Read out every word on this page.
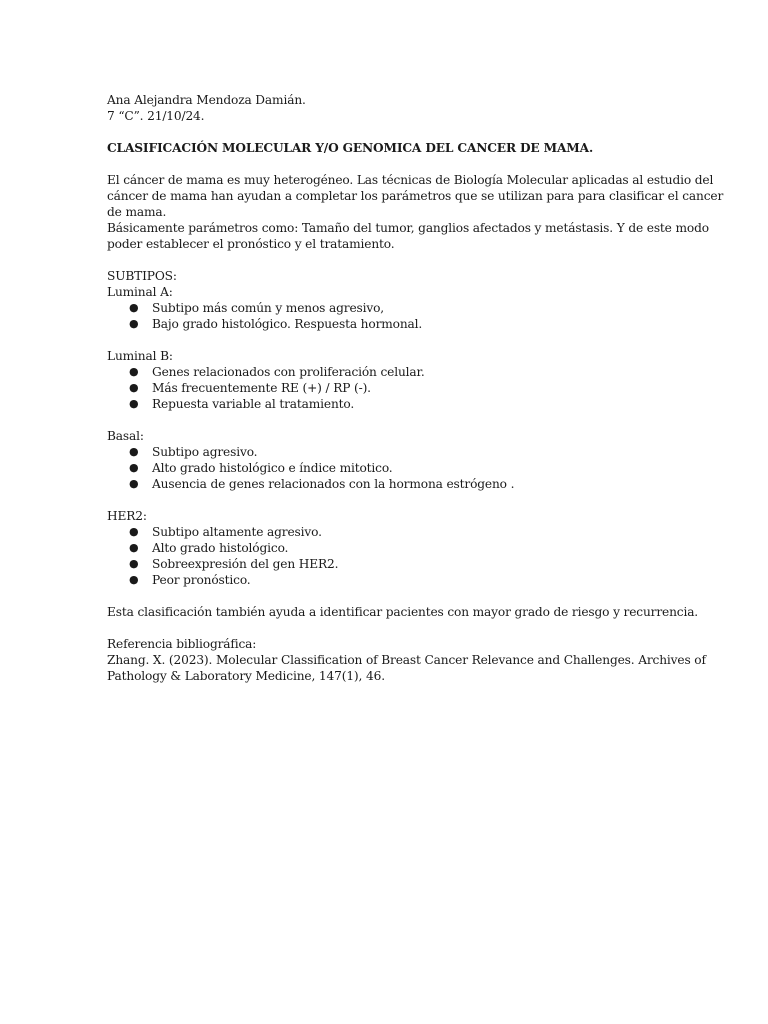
Ana Alejandra Mendoza Damián.
7 “C”. 21/10/24.
CLASIFICACIÓN MOLECULAR Y/O GENOMICA DEL CANCER DE MAMA.
El cáncer de mama es muy heterogéneo. Las técnicas de Biología Molecular aplicadas al estudio del
cáncer de mama han ayudan a completar los parámetros que se utilizan para para clasificar el cancer
de mama.
Básicamente parámetros como: Tamaño del tumor, ganglios afectados y metástasis. Y de este modo
poder establecer el pronóstico y el tratamiento.
SUBTIPOS:
Luminal A:
● Subtipo más común y menos agresivo,
● Bajo grado histológico. Respuesta hormonal.
Luminal B:
● Genes relacionados con proliferación celular.
● Más frecuentemente RE (+) / RP (-).
● Repuesta variable al tratamiento.
Basal:
● Subtipo agresivo.
● Alto grado histológico e índice mitotico.
● Ausencia de genes relacionados con la hormona estrógeno .
HER2:
● Subtipo altamente agresivo.
● Alto grado histológico.
● Sobreexpresión del gen HER2.
● Peor pronóstico.
Esta clasificación también ayuda a identificar pacientes con mayor grado de riesgo y recurrencia.
Referencia bibliográfica:
Zhang. X. (2023). Molecular Classification of Breast Cancer Relevance and Challenges. Archives of
Pathology & Laboratory Medicine, 147(1), 46.
